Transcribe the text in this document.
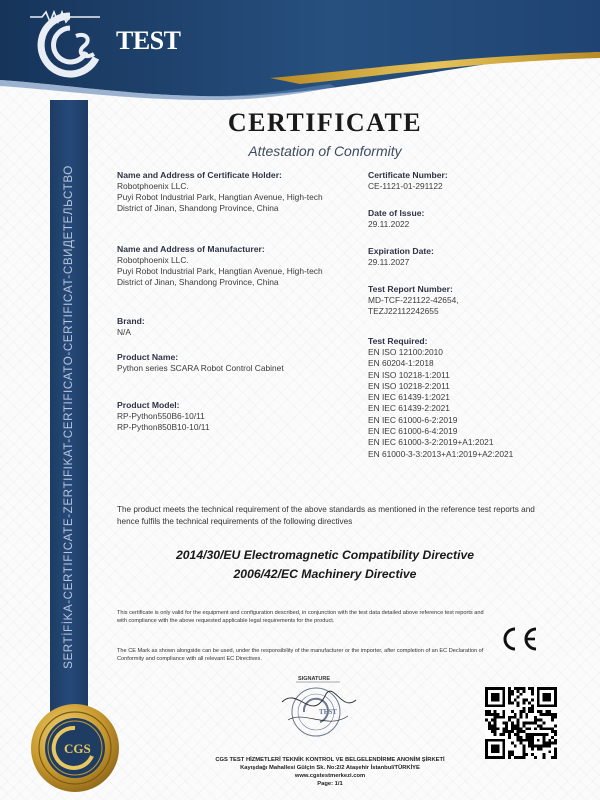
TEST
SERTİFİKA-CERTIFICATE-ZERTIFIKAT-CERTIFICATO-CERTIFICAT-СВИДЕТЕЛЬСТВО
CERTIFICATE
Attestation of Conformity
Name and Address of Certificate Holder:
Robotphoenix LLC.
Puyi Robot Industrial Park, Hangtian Avenue, High-tech
District of Jinan, Shandong Province, China
Name and Address of Manufacturer:
Robotphoenix LLC.
Puyi Robot Industrial Park, Hangtian Avenue, High-tech
District of Jinan, Shandong Province, China
Brand:
N/A
Product Name:
Python series SCARA Robot Control Cabinet
Product Model:
RP-Python550B6-10/11
RP-Python850B10-10/11
Certificate Number:
CE-1121-01-291122
Date of Issue:
29.11.2022
Expiration Date:
29.11.2027
Test Report Number:
MD-TCF-221122-42654,
TEZJ22112242655
Test Required:
EN ISO 12100:2010
EN 60204-1:2018
EN ISO 10218-1:2011
EN ISO 10218-2:2011
EN IEC 61439-1:2021
EN IEC 61439-2:2021
EN IEC 61000-6-2:2019
EN IEC 61000-6-4:2019
EN IEC 61000-3-2:2019+A1:2021
EN 61000-3-3:2013+A1:2019+A2:2021
The product meets the technical requirement of the above standards as mentioned in the reference test reports and hence fulfils the technical requirements of the following directives
2014/30/EU Electromagnetic Compatibility Directive
2006/42/EC Machinery Directive
This certificate is only valid for the equipment and configuration described, in conjunction with the test data detailed above reference test reports and with compliance with the above requested applicable legal requirements for the product.
The CE Mark as shown alongside can be used, under the responsibility of the manufacturer or the importer, after completion of an EC Declaration of Conformity and compliance with all relevant EC Directives.
SIGNATURE
TEST
CGS
CGS TEST HİZMETLERİ TEKNİK KONTROL VE BELGELENDİRME ANONİM ŞİRKETİ
Kayışdağı Mahallesi Gülçin Sk. No:2/2 Ataşehir İstanbul/TÜRKİYE
www.cgstestmerkezi.com
Page: 1/1
